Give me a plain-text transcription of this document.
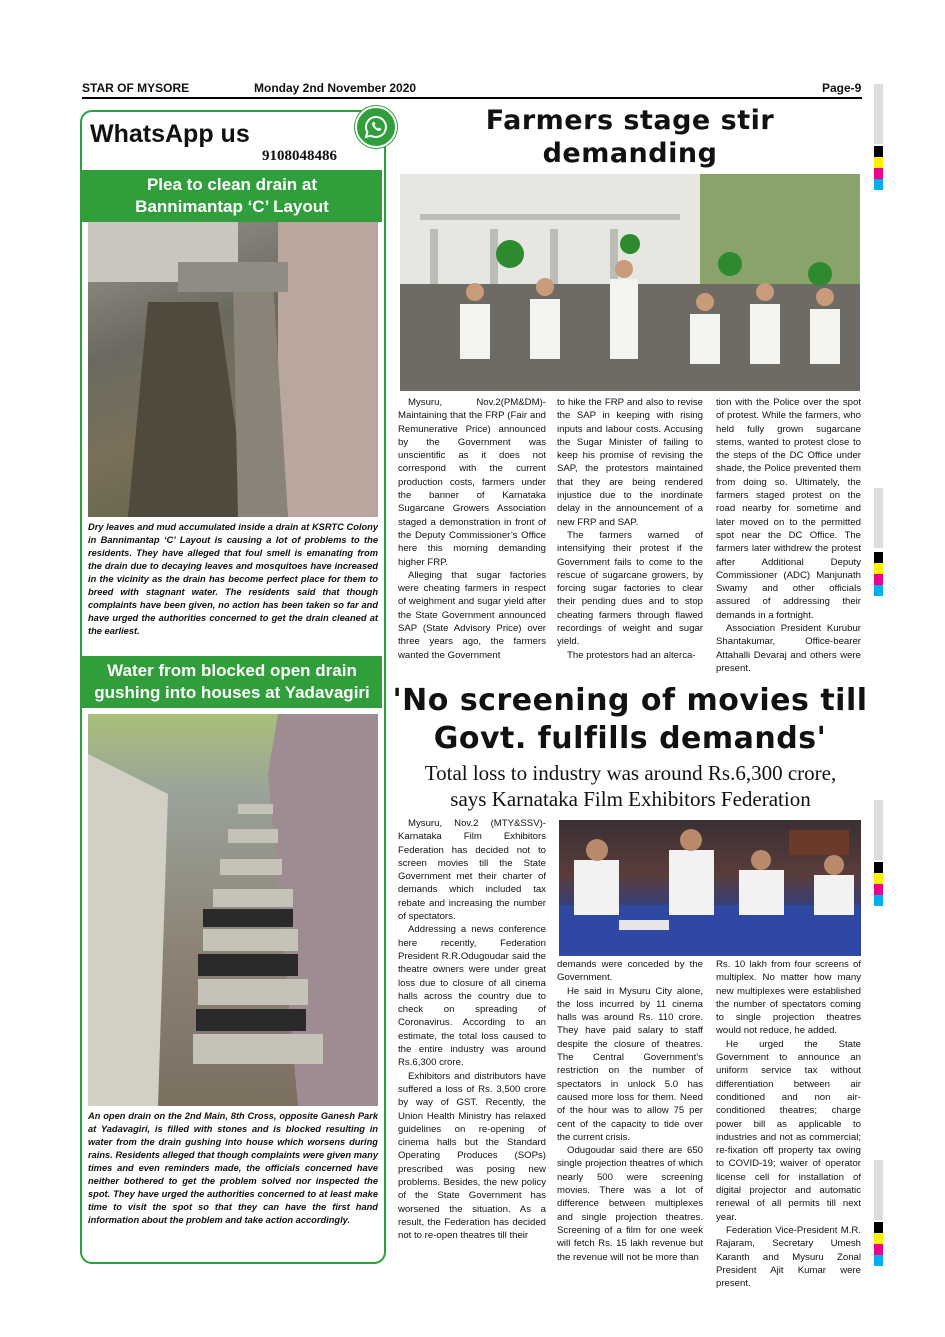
STAR OF MYSORE	Monday 2nd November 2020	Page-9
WhatsApp us
9108048486
Plea to clean drain at
Bannimantap ‘C’ Layout
Dry leaves and mud accumulated inside a drain at KSRTC Colony in Bannimantap ‘C’ Layout is causing a lot of problems to the residents. They have alleged that foul smell is emanating from the drain due to decaying leaves and mosquitoes have increased in the vicinity as the drain has become perfect place for them to breed with stagnant water. The residents said that though complaints have been given, no action has been taken so far and have urged the authorities concerned to get the drain cleaned at the earliest.
Water from blocked open drain
gushing into houses at Yadavagiri
An open drain on the 2nd Main, 8th Cross, opposite Ganesh Park at Yadavagiri, is filled with stones and is blocked resulting in water from the drain gushing into house which worsens during rains. Residents alleged that though complaints were given many times and even reminders made, the officials concerned have neither bothered to get the problem solved nor inspected the spot. They have urged the authorities concerned to at least make time to visit the spot so that they can have the first hand information about the problem and take action accordingly.
Farmers stage stir demanding

Mysuru, Nov.2(PM&DM)-Maintaining that the FRP (Fair and Remunerative Price) announced by the Government was unscientific as it does not correspond with the current production costs, farmers under the banner of Karnataka Sugarcane Growers Association staged a demonstration in front of the Deputy Commissioner’s Office here this morning demanding higher FRP.

Alleging that sugar factories were cheating farmers in respect of weighment and sugar yield after the State Government announced SAP (State Advisory Price) over three years ago, the farmers wanted the Government

to hike the FRP and also to revise the SAP in keeping with rising inputs and labour costs. Accusing the Sugar Minister of failing to keep his promise of revising the SAP, the protestors maintained that they are being rendered injustice due to the inordinate delay in the announcement of a new FRP and SAP.

The farmers warned of intensifying their protest if the Government fails to come to the rescue of sugarcane growers, by forcing sugar factories to clear their pending dues and to stop cheating farmers through flawed recordings of weight and sugar yield.

The protestors had an alterca-

tion with the Police over the spot of protest. While the farmers, who held fully grown sugarcane stems, wanted to protest close to the steps of the DC Office under shade, the Police prevented them from doing so. Ultimately, the farmers staged protest on the road nearby for sometime and later moved on to the permitted spot near the DC Office. The farmers later withdrew the protest after Additional Deputy Commissioner (ADC) Manjunath Swamy and other officials assured of addressing their demands in a fortnight.

Association President Kurubur Shantakumar, Office-bearer Attahalli Devaraj and others were present.

'No screening of movies till
Govt. fulfills demands'
Total loss to industry was around Rs.6,300 crore,
says Karnataka Film Exhibitors Federation

Mysuru, Nov.2 (MTY&SSV)-Karnataka Film Exhibitors Federation has decided not to screen movies till the State Government met their charter of demands which included tax rebate and increasing the number of spectators.

Addressing a news conference here recently, Federation President R.R.Odugoudar said the theatre owners were under great loss due to closure of all cinema halls across the country due to check on spreading of Coronavirus. According to an estimate, the total loss caused to the entire industry was around Rs.6,300 crore.

Exhibitors and distributors have suffered a loss of Rs. 3,500 crore by way of GST. Recently, the Union Health Ministry has relaxed guidelines on re-opening of cinema halls but the Standard Operating Produces (SOPs) prescribed was posing new problems. Besides, the new policy of the State Government has worsened the situation. As a result, the Federation has decided not to re-open theatres till their

demands were conceded by the Government.

He said in Mysuru City alone, the loss incurred by 11 cinema halls was around Rs. 110 crore. They have paid salary to staff despite the closure of theatres. The Central Government’s restriction on the number of spectators in unlock 5.0 has caused more loss for them. Need of the hour was to allow 75 per cent of the capacity to tide over the current crisis.

Odugoudar said there are 650 single projection theatres of which nearly 500 were screening movies. There was a lot of difference between multiplexes and single projection theatres. Screening of a film for one week will fetch Rs. 15 lakh revenue but the revenue will not be more than

Rs. 10 lakh from four screens of multiplex. No matter how many new multiplexes were established the number of spectators coming to single projection theatres would not reduce, he added.

He urged the State Government to announce an uniform service tax without differentiation between air conditioned and non air-conditioned theatres; charge power bill as applicable to industries and not as commercial; re-fixation off property tax owing to COVID-19; waiver of operator license cell for installation of digital projector and automatic renewal of all permits till next year.

Federation Vice-President M.R. Rajaram, Secretary Umesh Karanth and Mysuru Zonal President Ajit Kumar were present.
